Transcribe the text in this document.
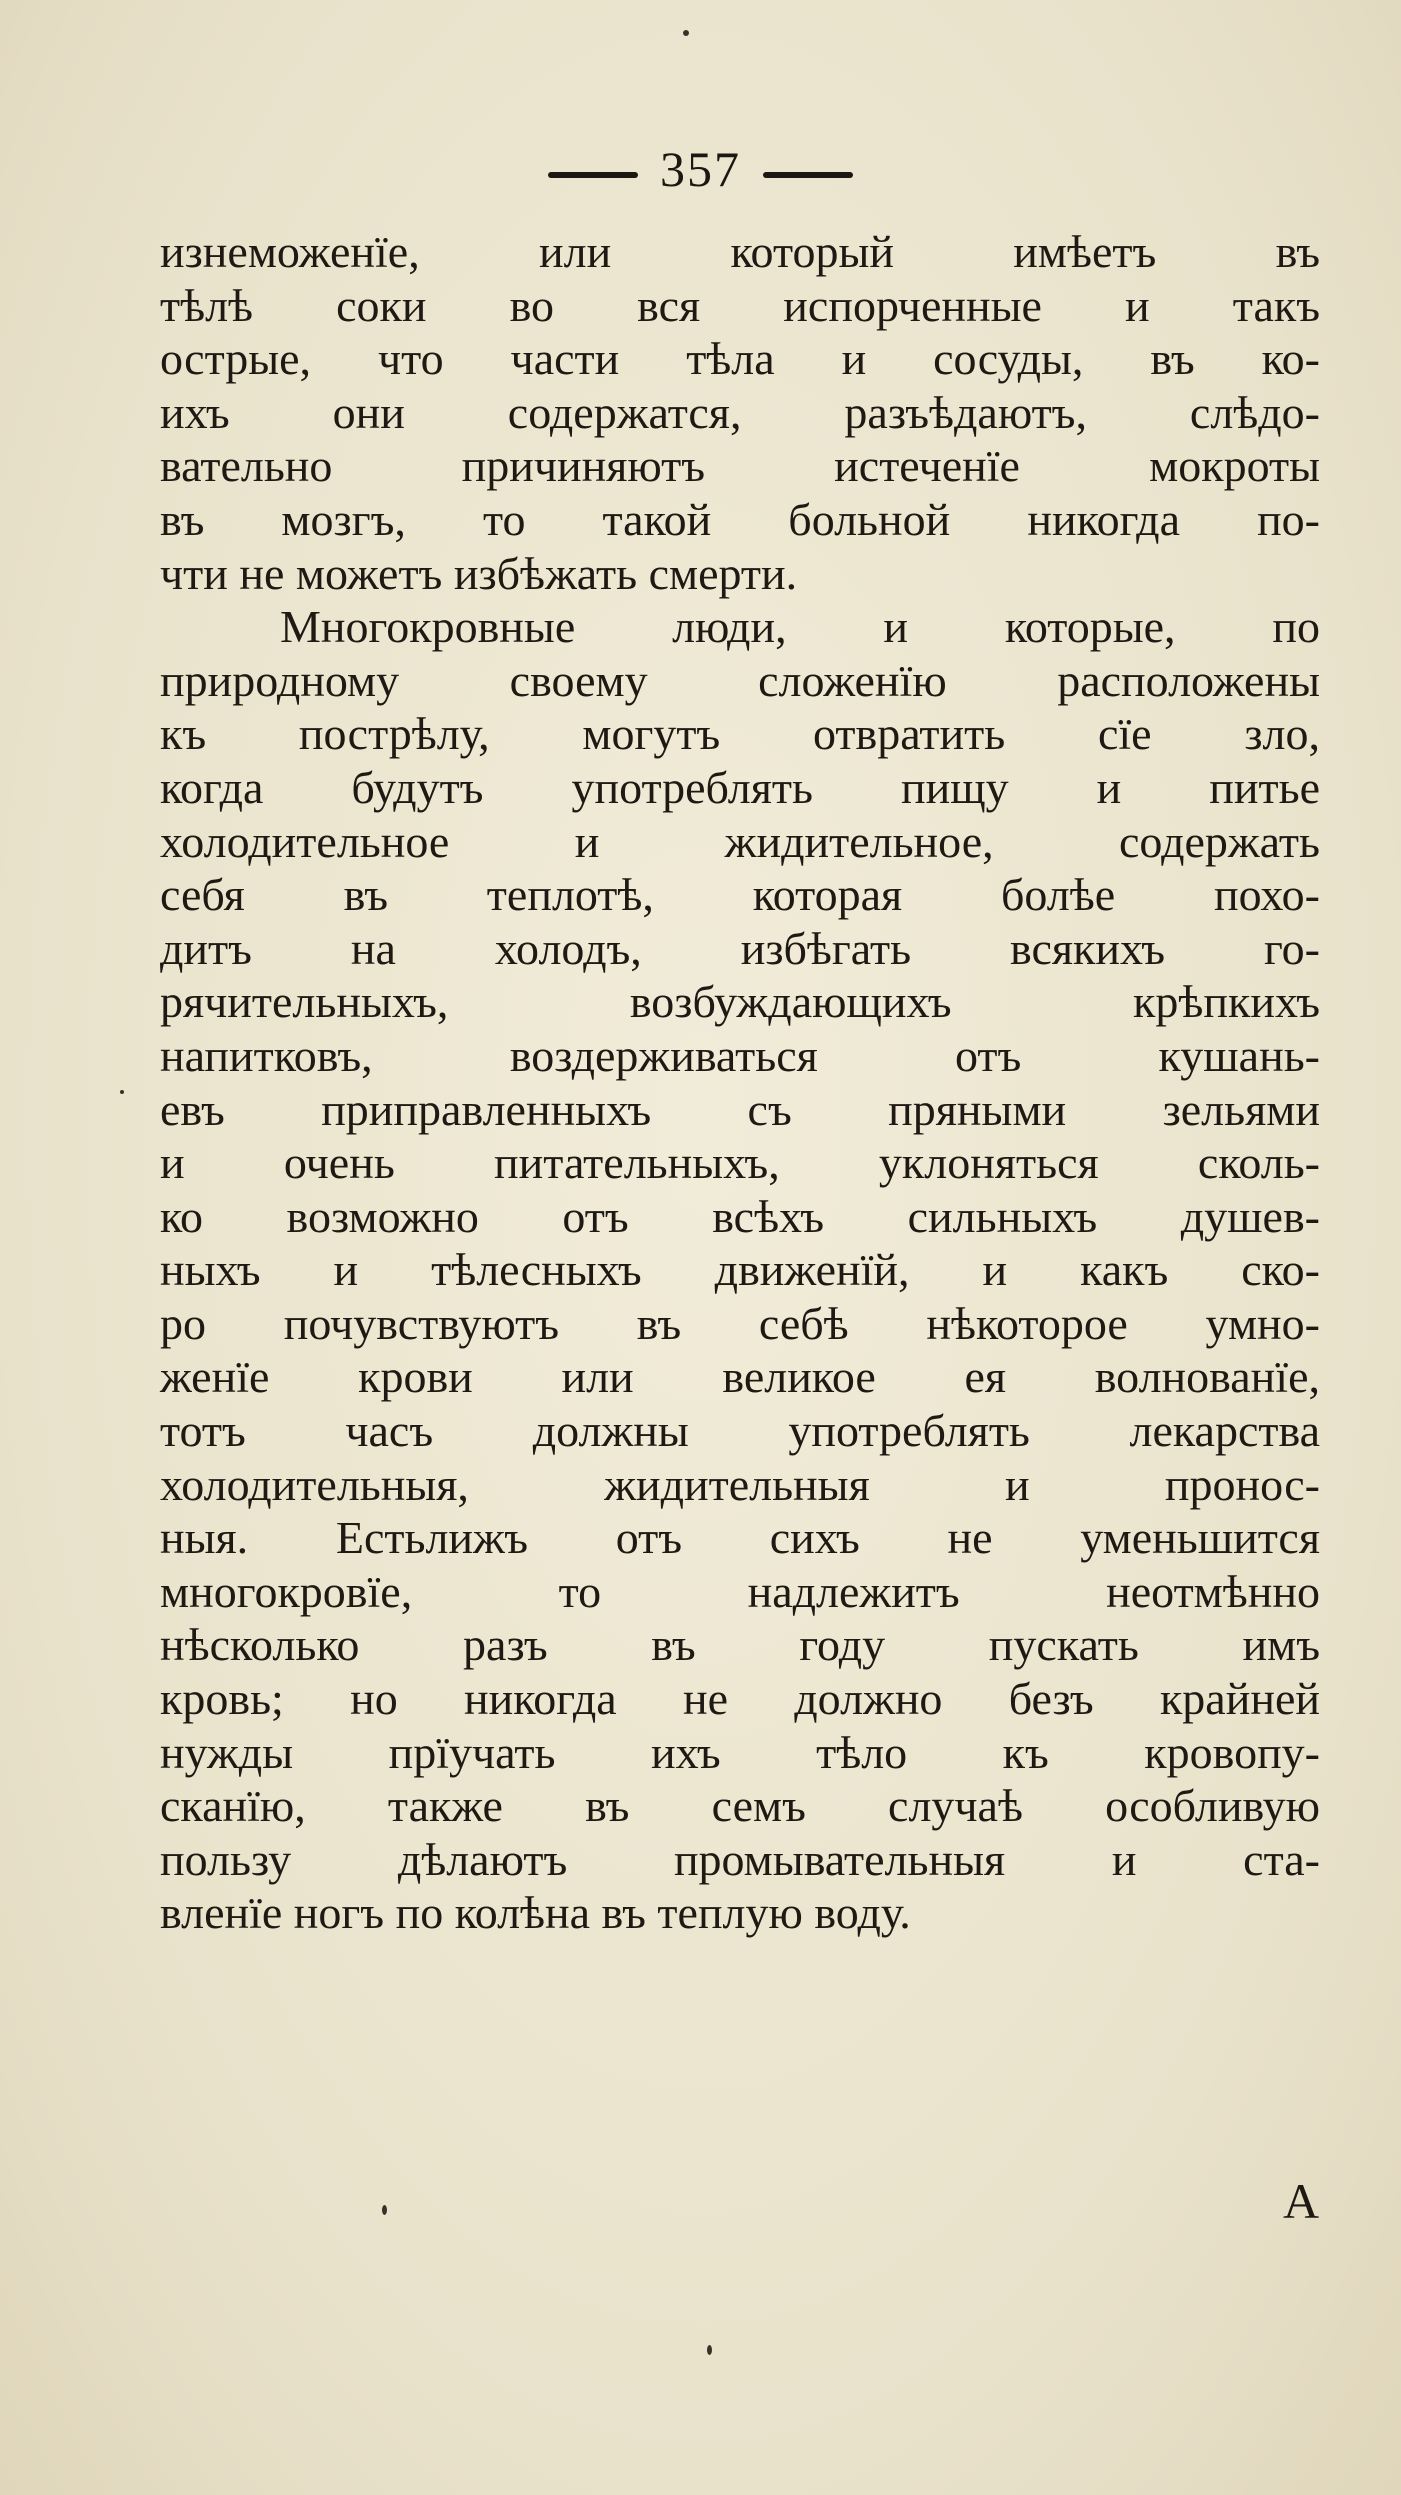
357
изнеможенїе, или который имѣетъ въ
тѣлѣ соки во вся испорченные и такъ
острые, что части тѣла и сосуды, въ ко-
ихъ они содержатся, разъѣдаютъ, слѣдо-
вательно причиняютъ истеченїе мокроты
въ мозгъ, то такой больной никогда по-
чти не можетъ избѣжать смерти.
Многокровные люди, и которые, по
природному своему сложенїю расположены
къ пострѣлу, могутъ отвратить сїе зло,
когда будутъ употреблять пищу и питье
холодительное и жидительное, содержать
себя въ теплотѣ, которая болѣе похо-
дитъ на холодъ, избѣгать всякихъ го-
рячительныхъ, возбуждающихъ крѣпкихъ
напитковъ, воздерживаться отъ кушань-
евъ приправленныхъ съ пряными зельями
и очень питательныхъ, уклоняться сколь-
ко возможно отъ всѣхъ сильныхъ душев-
ныхъ и тѣлесныхъ движенїй, и какъ ско-
ро почувствуютъ въ себѣ нѣкоторое умно-
женїе крови или великое ея волнованїе,
тотъ часъ должны употреблять лекарства
холодительныя, жидительныя и пронос-
ныя. Естьлижъ отъ сихъ не уменьшится
многокровїе, то надлежитъ неотмѣнно
нѣсколько разъ въ году пускать имъ
кровь; но никогда не должно безъ крайней
нужды прїучать ихъ тѣло къ кровопу-
сканїю, также въ семъ случаѣ особливую
пользу дѣлаютъ промывательныя и ста-
вленїе ногъ по колѣна въ теплую воду.
А
